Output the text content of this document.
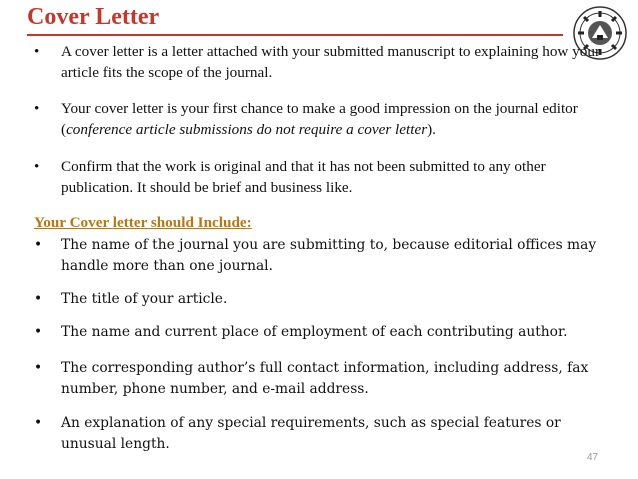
Cover Letter
• A cover letter is a letter attached with your submitted manuscript to explaining how your article fits the scope of the journal.
• Your cover letter is your first chance to make a good impression on the journal editor (conference article submissions do not require a cover letter).
• Confirm that the work is original and that it has not been submitted to any other publication. It should be brief and business like.
Your Cover letter should Include:
• The name of the journal you are submitting to, because editorial offices may handle more than one journal.
• The title of your article.
• The name and current place of employment of each contributing author.
• The corresponding author’s full contact information, including address, fax number, phone number, and e-mail address.
• An explanation of any special requirements, such as special features or unusual length.
47
